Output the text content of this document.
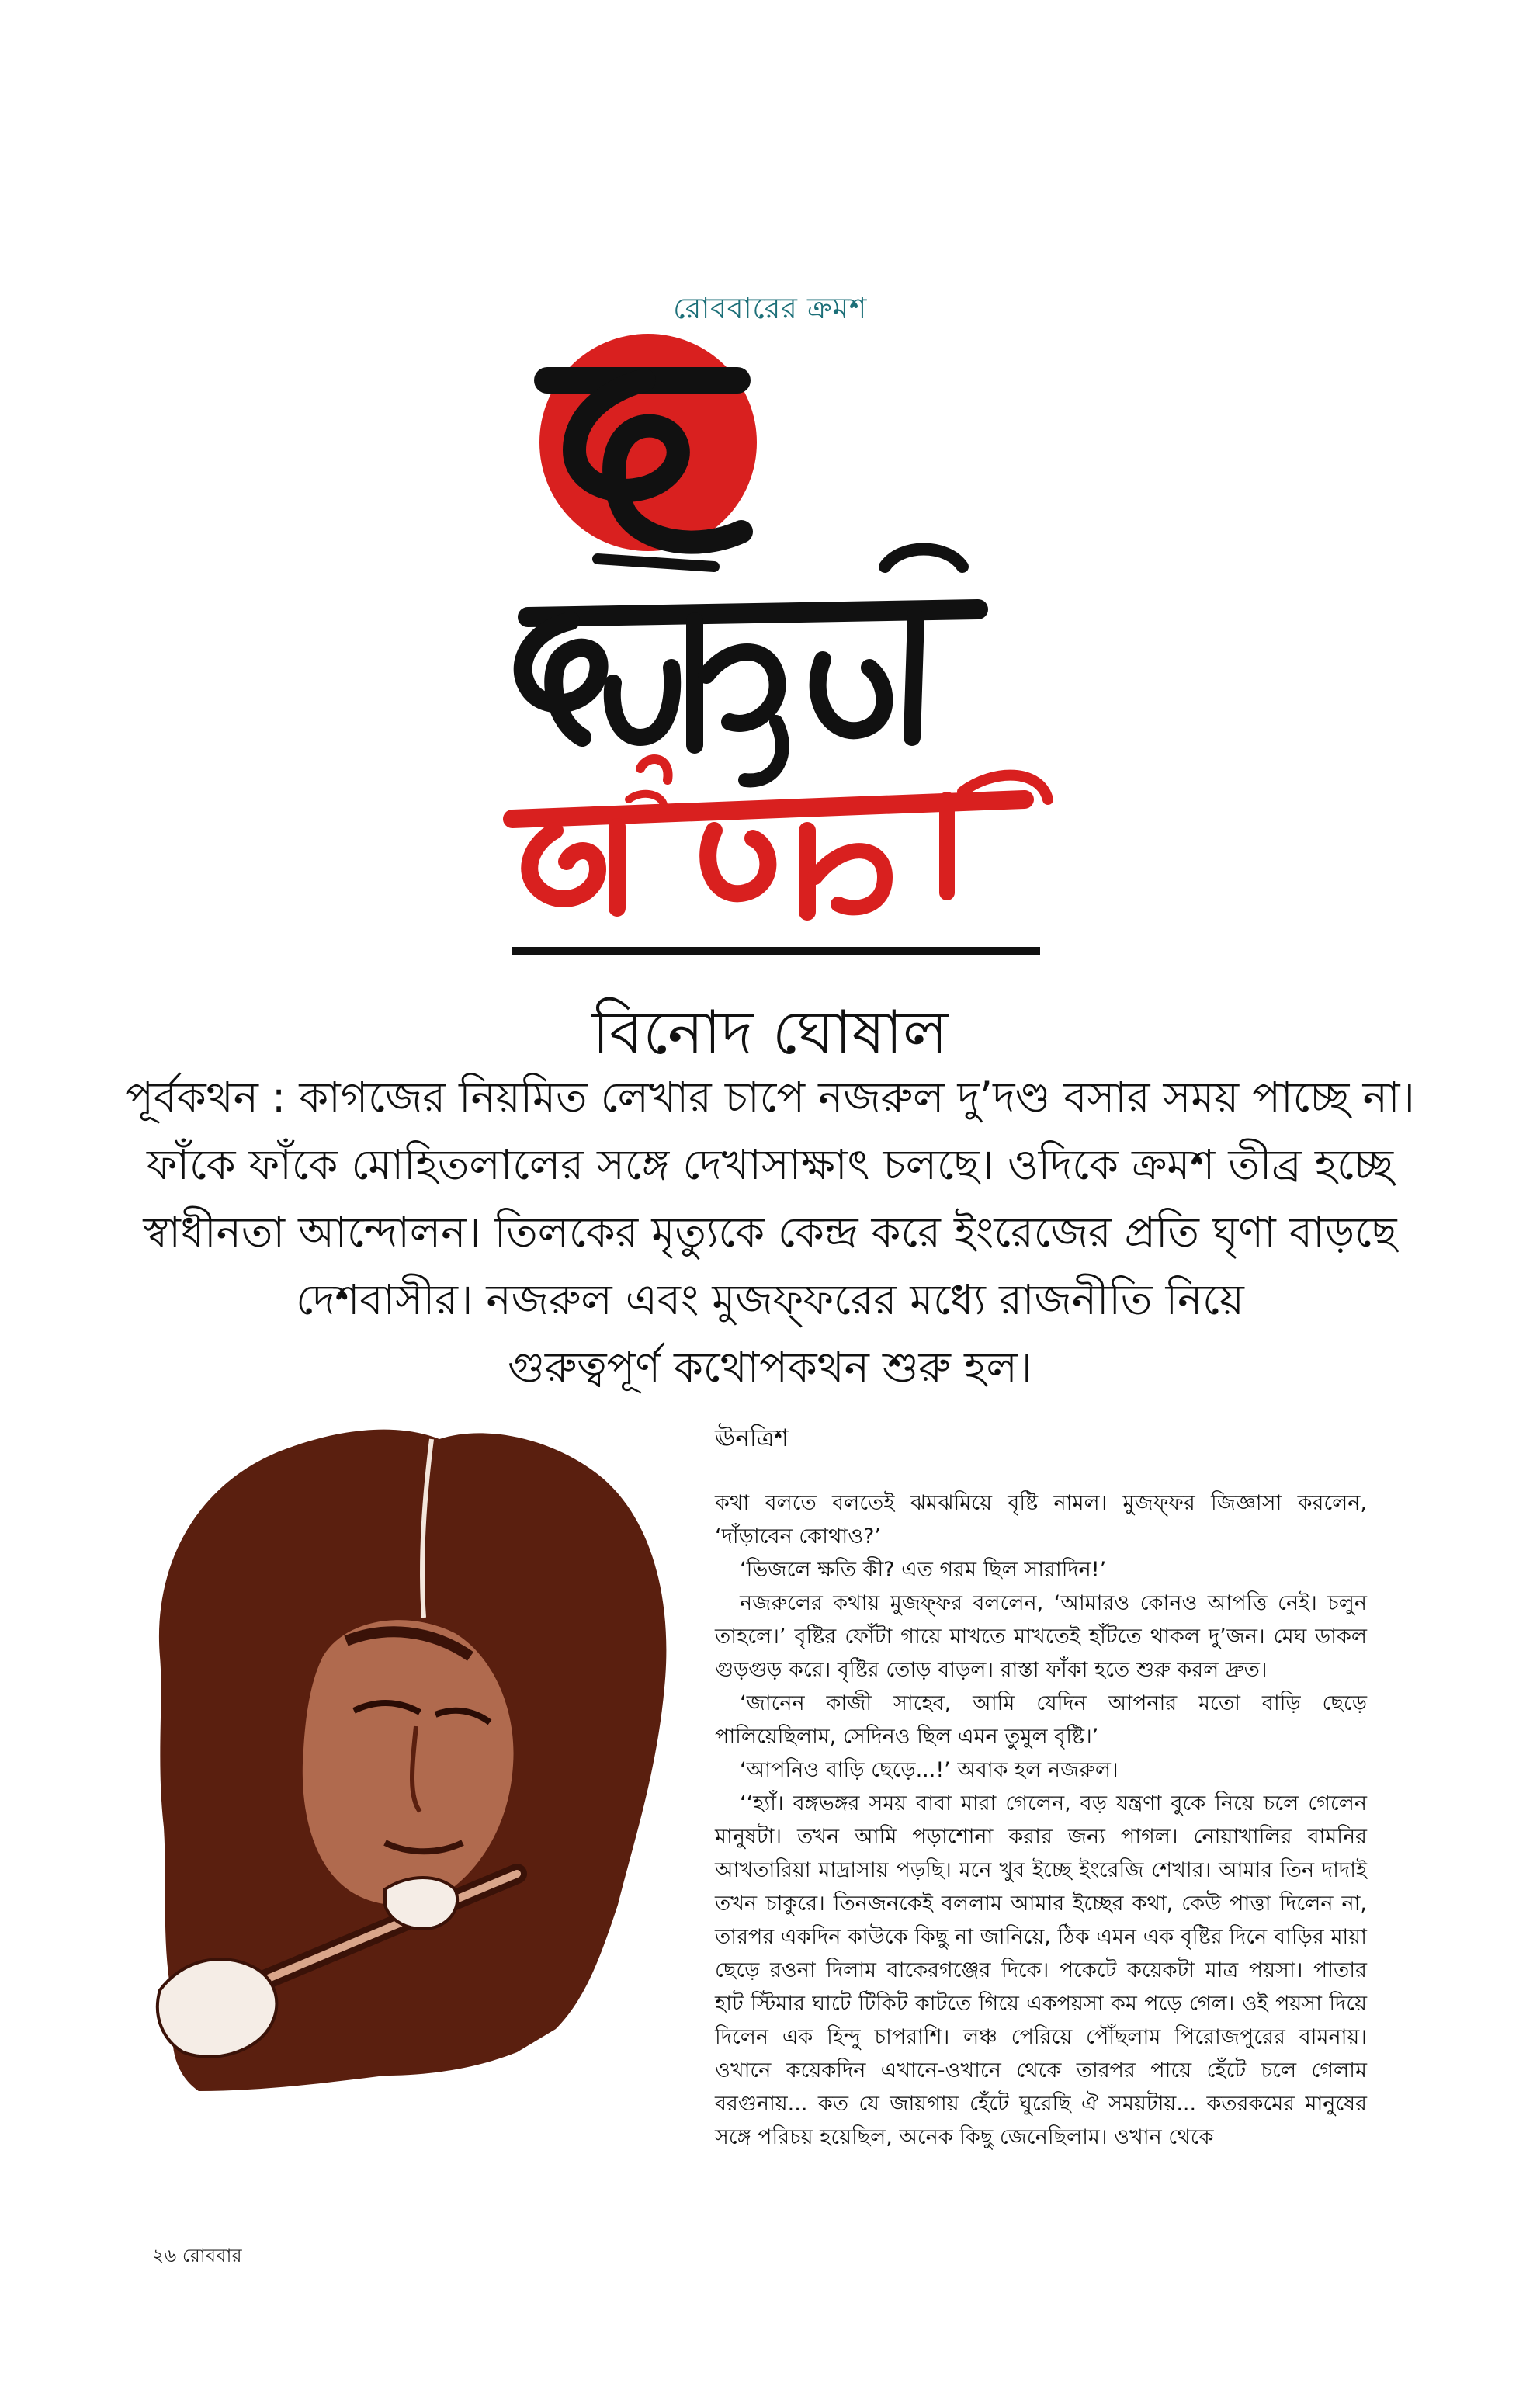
রোববারের ক্রমশ
বিনোদ ঘোষাল

পূর্বকথন : কাগজের নিয়মিত লেখার চাপে নজরুল দু’দণ্ড বসার সময় পাচ্ছে না।

ফাঁকে ফাঁকে মোহিতলালের সঙ্গে দেখাসাক্ষাৎ চলছে। ওদিকে ক্রমশ তীব্র হচ্ছে

স্বাধীনতা আন্দোলন। তিলকের মৃত্যুকে কেন্দ্র করে ইংরেজের প্রতি ঘৃণা বাড়ছে

দেশবাসীর। নজরুল এবং মুজফ্‌ফরের মধ্যে রাজনীতি নিয়ে

গুরুত্বপূর্ণ কথোপকথন শুরু হল।

ঊনত্রিশ

কথা বলতে বলতেই ঝমঝমিয়ে বৃষ্টি নামল। মুজফ্‌ফর জিজ্ঞাসা করলেন, ‘দাঁড়াবেন কোথাও?’

‘ভিজলে ক্ষতি কী? এত গরম ছিল সারাদিন!’

নজরুলের কথায় মুজফ্‌ফর বললেন, ‘আমারও কোনও আপত্তি নেই। চলুন তাহলে।’ বৃষ্টির ফোঁটা গায়ে মাখতে মাখতেই হাঁটতে থাকল দু’জন। মেঘ ডাকল গুড়গুড় করে। বৃষ্টির তোড় বাড়ল। রাস্তা ফাঁকা হতে শুরু করল দ্রুত।

‘জানেন কাজী সাহেব, আমি যেদিন আপনার মতো বাড়ি ছেড়ে পালিয়েছিলাম, সেদিনও ছিল এমন তুমুল বৃষ্টি।’

‘আপনিও বাড়ি ছেড়ে...!’ অবাক হল নজরুল।

‘‘হ্যাঁ। বঙ্গভঙ্গর সময় বাবা মারা গেলেন, বড় যন্ত্রণা বুকে নিয়ে চলে গেলেন মানুষটা। তখন আমি পড়াশোনা করার জন্য পাগল। নোয়াখালির বামনির আখতারিয়া মাদ্রাসায় পড়ছি। মনে খুব ইচ্ছে ইংরেজি শেখার। আমার তিন দাদাই তখন চাকুরে। তিনজনকেই বললাম আমার ইচ্ছের কথা, কেউ পাত্তা দিলেন না, তারপর একদিন কাউকে কিছু না জানিয়ে, ঠিক এমন এক বৃষ্টির দিনে বাড়ির মায়া ছেড়ে রওনা দিলাম বাকেরগঞ্জের দিকে। পকেটে কয়েকটা মাত্র পয়সা। পাতার হাট স্টিমার ঘাটে টিকিট কাটতে গিয়ে একপয়সা কম পড়ে গেল। ওই পয়সা দিয়ে দিলেন এক হিন্দু চাপরাশি। লঞ্চ পেরিয়ে পৌঁছলাম পিরোজপুরের বামনায়। ওখানে কয়েকদিন এখানে-ওখানে থেকে তারপর পায়ে হেঁটে চলে গেলাম বরগুনায়... কত যে জায়গায় হেঁটে ঘুরেছি ঐ সময়টায়... কতরকমের মানুষের সঙ্গে পরিচয় হয়েছিল, অনেক কিছু জেনেছিলাম। ওখান থেকে

২৬ রোববার
